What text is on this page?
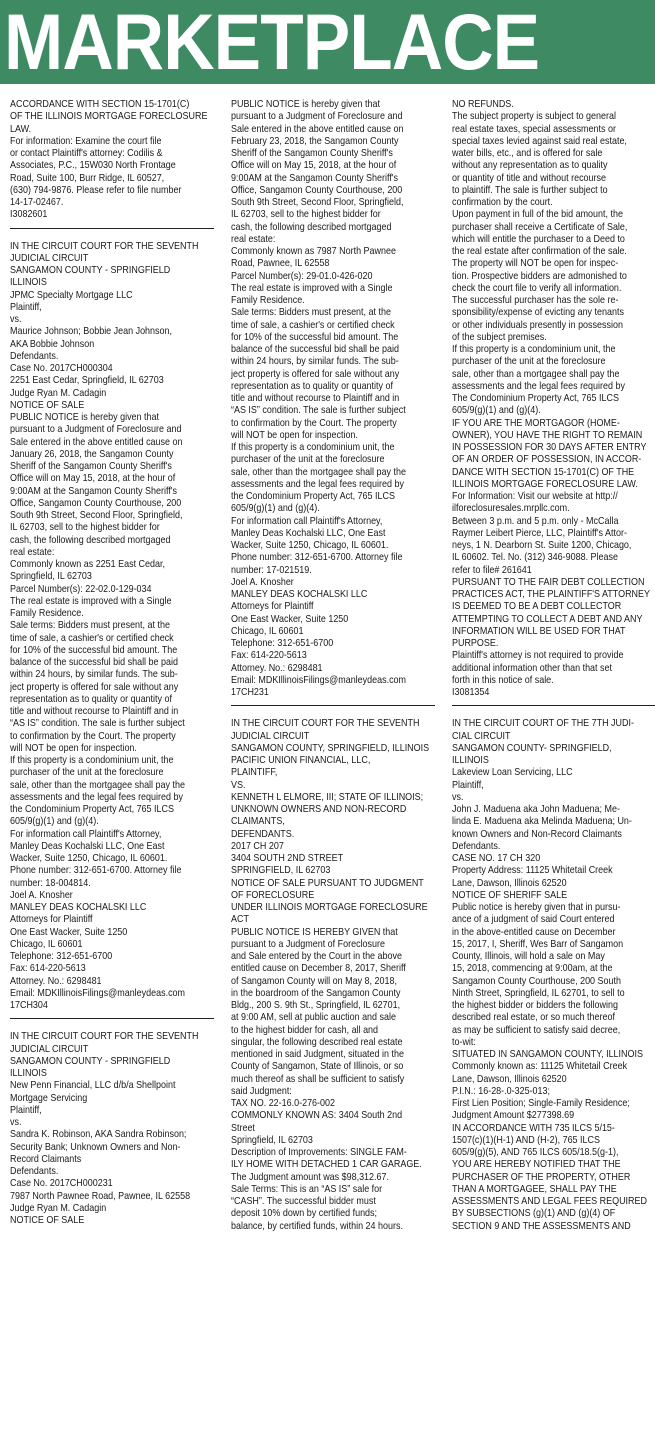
MARKETPLACE
ACCORDANCE WITH SECTION 15-1701(C)
OF THE ILLINOIS MORTGAGE FORECLOSURE
LAW.
For information: Examine the court file
or contact Plaintiff's attorney: Codilis &
Associates, P.C., 15W030 North Frontage
Road, Suite 100, Burr Ridge, IL 60527,
(630) 794-9876. Please refer to file number
14-17-02467.
I3082601
IN THE CIRCUIT COURT FOR THE SEVENTH
JUDICIAL CIRCUIT
SANGAMON COUNTY - SPRINGFIELD
ILLINOIS
JPMC Specialty Mortgage LLC
Plaintiff,
vs.
Maurice Johnson; Bobbie Jean Johnson,
AKA Bobbie Johnson
Defendants.
Case No. 2017CH000304
2251 East Cedar, Springfield, IL 62703
Judge Ryan M. Cadagin
NOTICE OF SALE
PUBLIC NOTICE is hereby given that
pursuant to a Judgment of Foreclosure and
Sale entered in the above entitled cause on
January 26, 2018, the Sangamon County
Sheriff of the Sangamon County Sheriff's
Office will on May 15, 2018, at the hour of
9:00AM at the Sangamon County Sheriff's
Office, Sangamon County Courthouse, 200
South 9th Street, Second Floor, Springfield,
IL 62703, sell to the highest bidder for
cash, the following described mortgaged
real estate:
Commonly known as 2251 East Cedar,
Springfield, IL 62703
Parcel Number(s): 22-02.0-129-034
The real estate is improved with a Single
Family Residence.
Sale terms: Bidders must present, at the
time of sale, a cashier's or certified check
for 10% of the successful bid amount. The
balance of the successful bid shall be paid
within 24 hours, by similar funds. The sub-
ject property is offered for sale without any
representation as to quality or quantity of
title and without recourse to Plaintiff and in
“AS IS” condition. The sale is further subject
to confirmation by the Court. The property
will NOT be open for inspection.
If this property is a condominium unit, the
purchaser of the unit at the foreclosure
sale, other than the mortgagee shall pay the
assessments and the legal fees required by
the Condominium Property Act, 765 ILCS
605/9(g)(1) and (g)(4).
For information call Plaintiff's Attorney,
Manley Deas Kochalski LLC, One East
Wacker, Suite 1250, Chicago, IL 60601.
Phone number: 312-651-6700. Attorney file
number: 18-004814.
Joel A. Knosher
MANLEY DEAS KOCHALSKI LLC
Attorneys for Plaintiff
One East Wacker, Suite 1250
Chicago, IL 60601
Telephone: 312-651-6700
Fax: 614-220-5613
Attorney. No.: 6298481
Email: MDKIllinoisFilings@manleydeas.com
17CH304
IN THE CIRCUIT COURT FOR THE SEVENTH
JUDICIAL CIRCUIT
SANGAMON COUNTY - SPRINGFIELD
ILLINOIS
New Penn Financial, LLC d/b/a Shellpoint
Mortgage Servicing
Plaintiff,
vs.
Sandra K. Robinson, AKA Sandra Robinson;
Security Bank; Unknown Owners and Non-
Record Claimants
Defendants.
Case No. 2017CH000231
7987 North Pawnee Road, Pawnee, IL 62558
Judge Ryan M. Cadagin
NOTICE OF SALE
PUBLIC NOTICE is hereby given that
pursuant to a Judgment of Foreclosure and
Sale entered in the above entitled cause on
February 23, 2018, the Sangamon County
Sheriff of the Sangamon County Sheriff's
Office will on May 15, 2018, at the hour of
9:00AM at the Sangamon County Sheriff's
Office, Sangamon County Courthouse, 200
South 9th Street, Second Floor, Springfield,
IL 62703, sell to the highest bidder for
cash, the following described mortgaged
real estate:
Commonly known as 7987 North Pawnee
Road, Pawnee, IL 62558
Parcel Number(s): 29-01.0-426-020
The real estate is improved with a Single
Family Residence.
Sale terms: Bidders must present, at the
time of sale, a cashier's or certified check
for 10% of the successful bid amount. The
balance of the successful bid shall be paid
within 24 hours, by similar funds. The sub-
ject property is offered for sale without any
representation as to quality or quantity of
title and without recourse to Plaintiff and in
“AS IS” condition. The sale is further subject
to confirmation by the Court. The property
will NOT be open for inspection.
If this property is a condominium unit, the
purchaser of the unit at the foreclosure
sale, other than the mortgagee shall pay the
assessments and the legal fees required by
the Condominium Property Act, 765 ILCS
605/9(g)(1) and (g)(4).
For information call Plaintiff's Attorney,
Manley Deas Kochalski LLC, One East
Wacker, Suite 1250, Chicago, IL 60601.
Phone number: 312-651-6700. Attorney file
number: 17-021519.
Joel A. Knosher
MANLEY DEAS KOCHALSKI LLC
Attorneys for Plaintiff
One East Wacker, Suite 1250
Chicago, IL 60601
Telephone: 312-651-6700
Fax: 614-220-5613
Attorney. No.: 6298481
Email: MDKIllinoisFilings@manleydeas.com
17CH231
IN THE CIRCUIT COURT FOR THE SEVENTH
JUDICIAL CIRCUIT
SANGAMON COUNTY, SPRINGFIELD, ILLINOIS
PACIFIC UNION FINANCIAL, LLC,
PLAINTIFF,
VS.
KENNETH L ELMORE, III; STATE OF ILLINOIS;
UNKNOWN OWNERS AND NON-RECORD
CLAIMANTS,
DEFENDANTS.
2017 CH 207
3404 SOUTH 2ND STREET
SPRINGFIELD, IL 62703
NOTICE OF SALE PURSUANT TO JUDGMENT
OF FORECLOSURE
UNDER ILLINOIS MORTGAGE FORECLOSURE
ACT
PUBLIC NOTICE IS HEREBY GIVEN that
pursuant to a Judgment of Foreclosure
and Sale entered by the Court in the above
entitled cause on December 8, 2017, Sheriff
of Sangamon County will on May 8, 2018,
in the boardroom of the Sangamon County
Bldg., 200 S. 9th St., Springfield, IL 62701,
at 9:00 AM, sell at public auction and sale
to the highest bidder for cash, all and
singular, the following described real estate
mentioned in said Judgment, situated in the
County of Sangamon, State of Illinois, or so
much thereof as shall be sufficient to satisfy
said Judgment:
TAX NO. 22-16.0-276-002
COMMONLY KNOWN AS: 3404 South 2nd
Street
Springfield, IL 62703
Description of Improvements: SINGLE FAM-
ILY HOME WITH DETACHED 1 CAR GARAGE.
The Judgment amount was $98,312.67.
Sale Terms: This is an “AS IS” sale for
“CASH”. The successful bidder must
deposit 10% down by certified funds;
balance, by certified funds, within 24 hours.
NO REFUNDS.
The subject property is subject to general
real estate taxes, special assessments or
special taxes levied against said real estate,
water bills, etc., and is offered for sale
without any representation as to quality
or quantity of title and without recourse
to plaintiff. The sale is further subject to
confirmation by the court.
Upon payment in full of the bid amount, the
purchaser shall receive a Certificate of Sale,
which will entitle the purchaser to a Deed to
the real estate after confirmation of the sale.
The property will NOT be open for inspec-
tion. Prospective bidders are admonished to
check the court file to verify all information.
The successful purchaser has the sole re-
sponsibility/expense of evicting any tenants
or other individuals presently in possession
of the subject premises.
If this property is a condominium unit, the
purchaser of the unit at the foreclosure
sale, other than a mortgagee shall pay the
assessments and the legal fees required by
The Condominium Property Act, 765 ILCS
605/9(g)(1) and (g)(4).
IF YOU ARE THE MORTGAGOR (HOME-
OWNER), YOU HAVE THE RIGHT TO REMAIN
IN POSSESSION FOR 30 DAYS AFTER ENTRY
OF AN ORDER OF POSSESSION, IN ACCOR-
DANCE WITH SECTION 15-1701(C) OF THE
ILLINOIS MORTGAGE FORECLOSURE LAW.
For Information: Visit our website at http://
ilforeclosuresales.mrpllc.com.
Between 3 p.m. and 5 p.m. only - McCalla
Raymer Leibert Pierce, LLC, Plaintiff's Attor-
neys, 1 N. Dearborn St. Suite 1200, Chicago,
IL 60602. Tel. No. (312) 346-9088. Please
refer to file# 261641
PURSUANT TO THE FAIR DEBT COLLECTION
PRACTICES ACT, THE PLAINTIFF'S ATTORNEY
IS DEEMED TO BE A DEBT COLLECTOR
ATTEMPTING TO COLLECT A DEBT AND ANY
INFORMATION WILL BE USED FOR THAT
PURPOSE.
Plaintiff's attorney is not required to provide
additional information other than that set
forth in this notice of sale.
I3081354
IN THE CIRCUIT COURT OF THE 7TH JUDI-
CIAL CIRCUIT
SANGAMON COUNTY- SPRINGFIELD,
ILLINOIS
Lakeview Loan Servicing, LLC
Plaintiff,
vs.
John J. Maduena aka John Maduena; Me-
linda E. Maduena aka Melinda Maduena; Un-
known Owners and Non-Record Claimants
Defendants.
CASE NO. 17 CH 320
Property Address: 11125 Whitetail Creek
Lane, Dawson, Illinois 62520
NOTICE OF SHERIFF SALE
Public notice is hereby given that in pursu-
ance of a judgment of said Court entered
in the above-entitled cause on December
15, 2017, I, Sheriff, Wes Barr of Sangamon
County, Illinois, will hold a sale on May
15, 2018, commencing at 9:00am, at the
Sangamon County Courthouse, 200 South
Ninth Street, Springfield, IL 62701, to sell to
the highest bidder or bidders the following
described real estate, or so much thereof
as may be sufficient to satisfy said decree,
to-wit:
SITUATED IN SANGAMON COUNTY, ILLINOIS
Commonly known as: 11125 Whitetail Creek
Lane, Dawson, Illinois 62520
P.I.N.: 16-28-.0-325-013;
First Lien Position; Single-Family Residence;
Judgment Amount $277398.69
IN ACCORDANCE WITH 735 ILCS 5/15-
1507(c)(1)(H-1) AND (H-2), 765 ILCS
605/9(g)(5), AND 765 ILCS 605/18.5(g-1),
YOU ARE HEREBY NOTIFIED THAT THE
PURCHASER OF THE PROPERTY, OTHER
THAN A MORTGAGEE, SHALL PAY THE
ASSESSMENTS AND LEGAL FEES REQUIRED
BY SUBSECTIONS (g)(1) AND (g)(4) OF
SECTION 9 AND THE ASSESSMENTS AND
